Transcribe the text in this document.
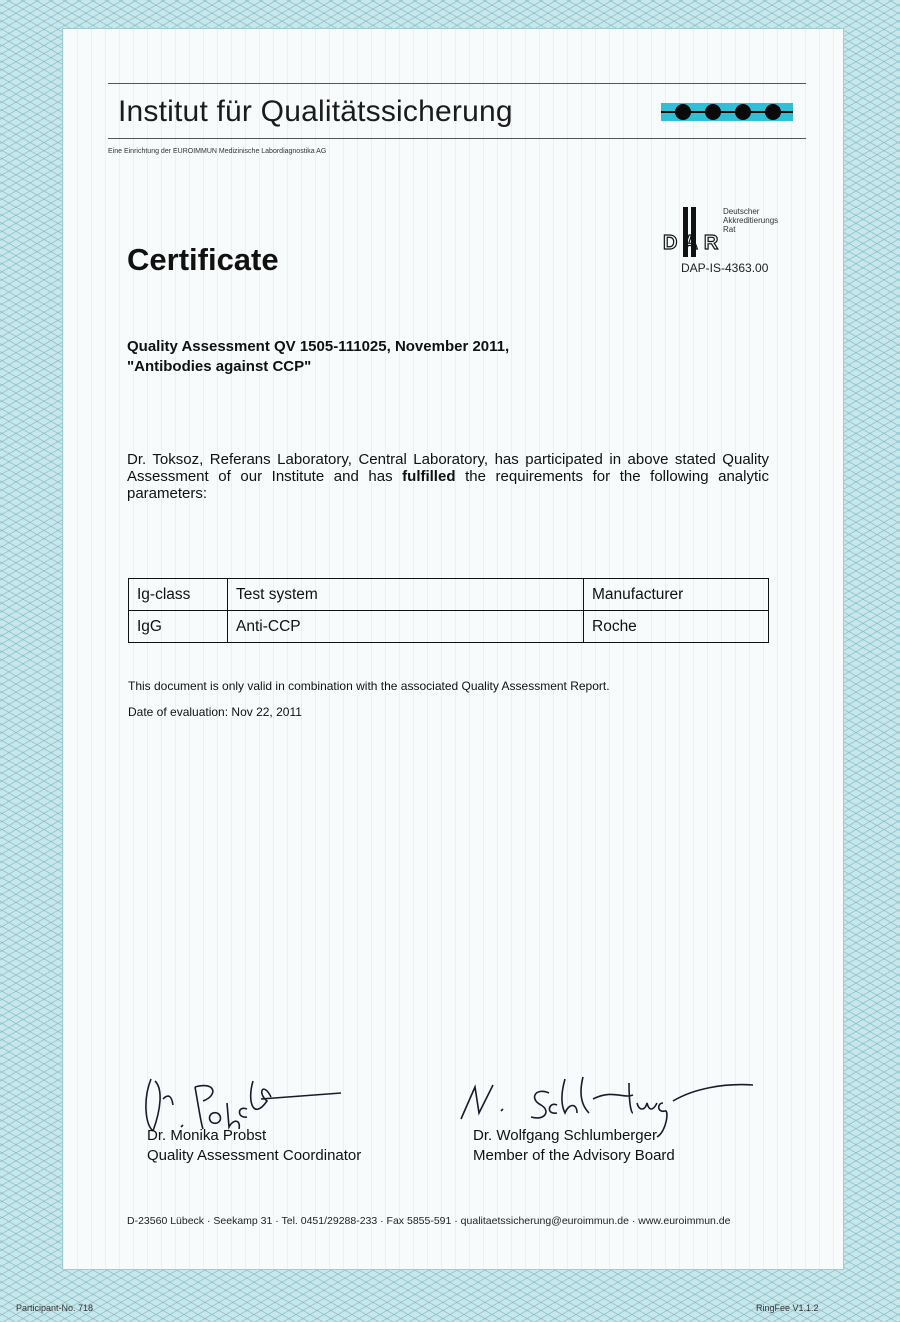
Institut für Qualitätssicherung
Eine Einrichtung der EUROIMMUN Medizinische Labordiagnostika AG
DAR
Deutscher
Akkreditierungs
Rat
DAP-IS-4363.00
Certificate
Quality Assessment QV 1505-111025, November 2011,
"Antibodies against CCP"
Dr. Toksoz, Referans Laboratory, Central Laboratory, has participated in above stated Quality Assessment of our Institute and has fulfilled the requirements for the following analytic parameters:
Ig-class	Test system	Manufacturer
IgG	Anti-CCP	Roche
This document is only valid in combination with the associated Quality Assessment Report.
Date of evaluation: Nov 22, 2011
Dr. Monika Probst
Quality Assessment Coordinator
Dr. Wolfgang Schlumberger
Member of the Advisory Board
D-23560 Lübeck · Seekamp 31 · Tel. 0451/29288-233 · Fax 5855-591 · qualitaetssicherung@euroimmun.de · www.euroimmun.de
Participant-No. 718	RingFee V1.1.2
